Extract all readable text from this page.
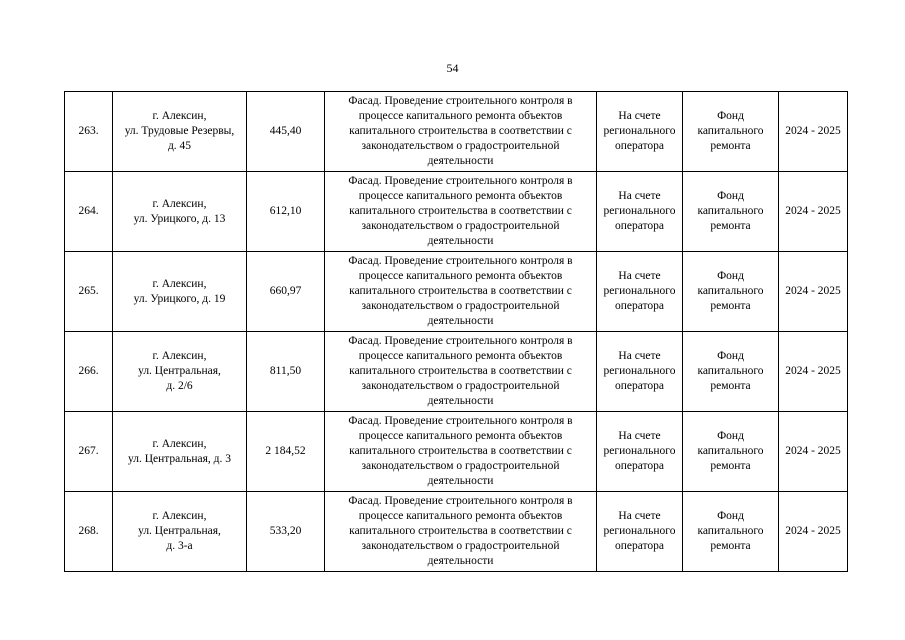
54
263.	г. Алексин,
ул. Трудовые Резервы,
д. 45	445,40	Фасад. Проведение строительного контроля в
процессе капитального ремонта объектов
капитального строительства в соответствии с
законодательством о градостроительной
деятельности	На счете
регионального
оператора	Фонд
капитального
ремонта	2024 - 2025
264.	г. Алексин,
ул. Урицкого, д. 13	612,10	Фасад. Проведение строительного контроля в
процессе капитального ремонта объектов
капитального строительства в соответствии с
законодательством о градостроительной
деятельности	На счете
регионального
оператора	Фонд
капитального
ремонта	2024 - 2025
265.	г. Алексин,
ул. Урицкого, д. 19	660,97	Фасад. Проведение строительного контроля в
процессе капитального ремонта объектов
капитального строительства в соответствии с
законодательством о градостроительной
деятельности	На счете
регионального
оператора	Фонд
капитального
ремонта	2024 - 2025
266.	г. Алексин,
ул. Центральная,
д. 2/6	811,50	Фасад. Проведение строительного контроля в
процессе капитального ремонта объектов
капитального строительства в соответствии с
законодательством о градостроительной
деятельности	На счете
регионального
оператора	Фонд
капитального
ремонта	2024 - 2025
267.	г. Алексин,
ул. Центральная, д. 3	2 184,52	Фасад. Проведение строительного контроля в
процессе капитального ремонта объектов
капитального строительства в соответствии с
законодательством о градостроительной
деятельности	На счете
регионального
оператора	Фонд
капитального
ремонта	2024 - 2025
268.	г. Алексин,
ул. Центральная,
д. 3-а	533,20	Фасад. Проведение строительного контроля в
процессе капитального ремонта объектов
капитального строительства в соответствии с
законодательством о градостроительной
деятельности	На счете
регионального
оператора	Фонд
капитального
ремонта	2024 - 2025
